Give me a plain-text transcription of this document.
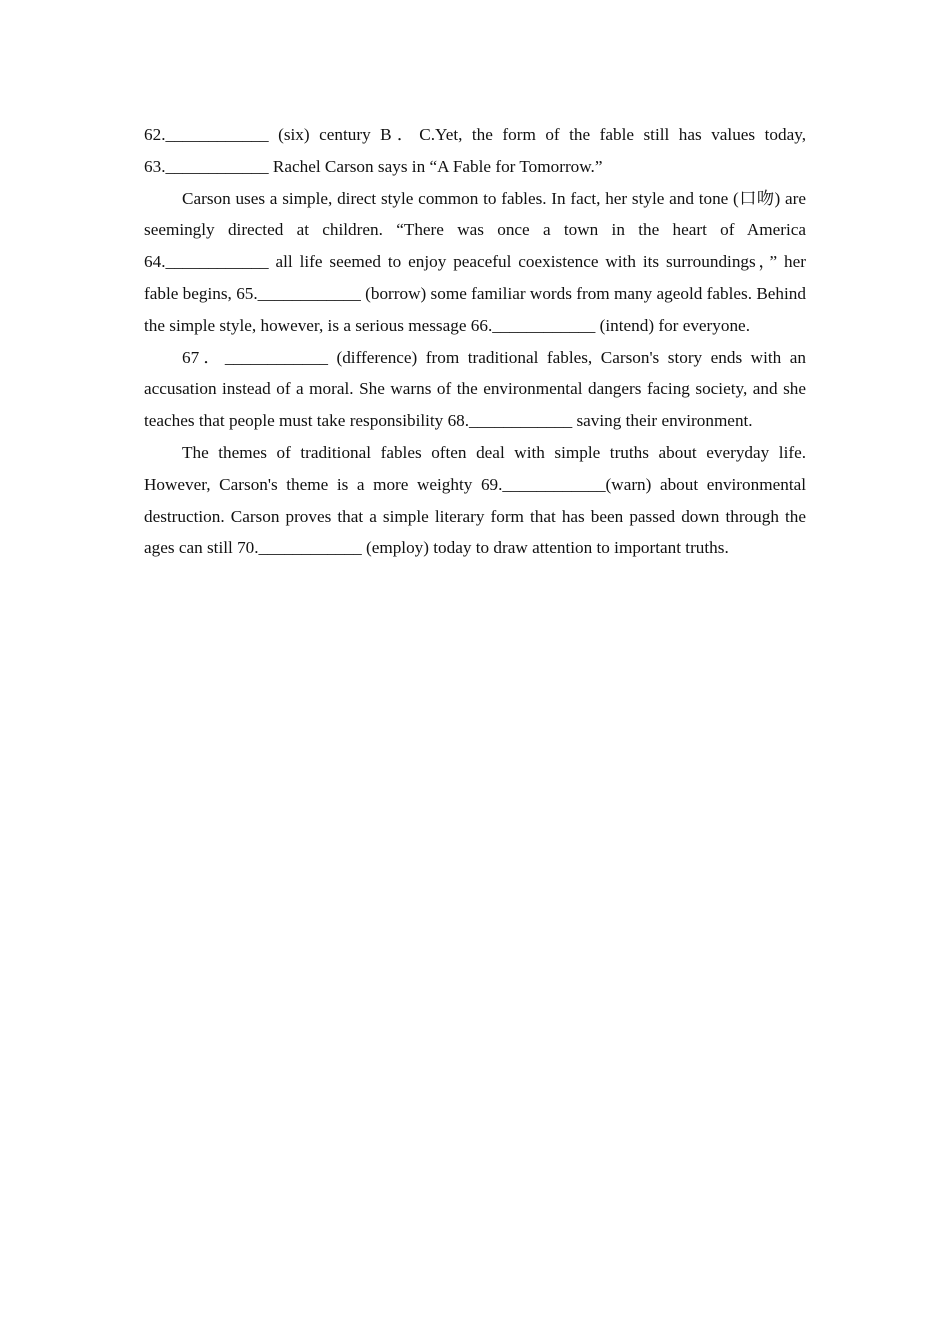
62.____________ (six) century B．C.Yet, the form of the fable still has values today, 63.____________ Rachel Carson says in “A Fable for Tomorrow.”

Carson uses a simple, direct style common to fables. In fact, her style and tone (口吻) are seemingly directed at children. “There was once a town in the heart of America 64.____________ all life seemed to enjoy peaceful coexistence with its surroundings，” her fable begins, 65.____________ (borrow) some familiar words from many ageold fables. Behind the simple style, however, is a serious message 66.____________ (intend) for everyone.

67．____________ (difference) from traditional fables, Carson's story ends with an accusation instead of a moral. She warns of the environmental dangers facing society, and she teaches that people must take responsibility 68.____________ saving their environment.

The themes of traditional fables often deal with simple truths about everyday life. However, Carson's theme is a more weighty 69.____________(warn) about environmental destruction. Carson proves that a simple literary form that has been passed down through the ages can still 70.____________ (employ) today to draw attention to important truths.
